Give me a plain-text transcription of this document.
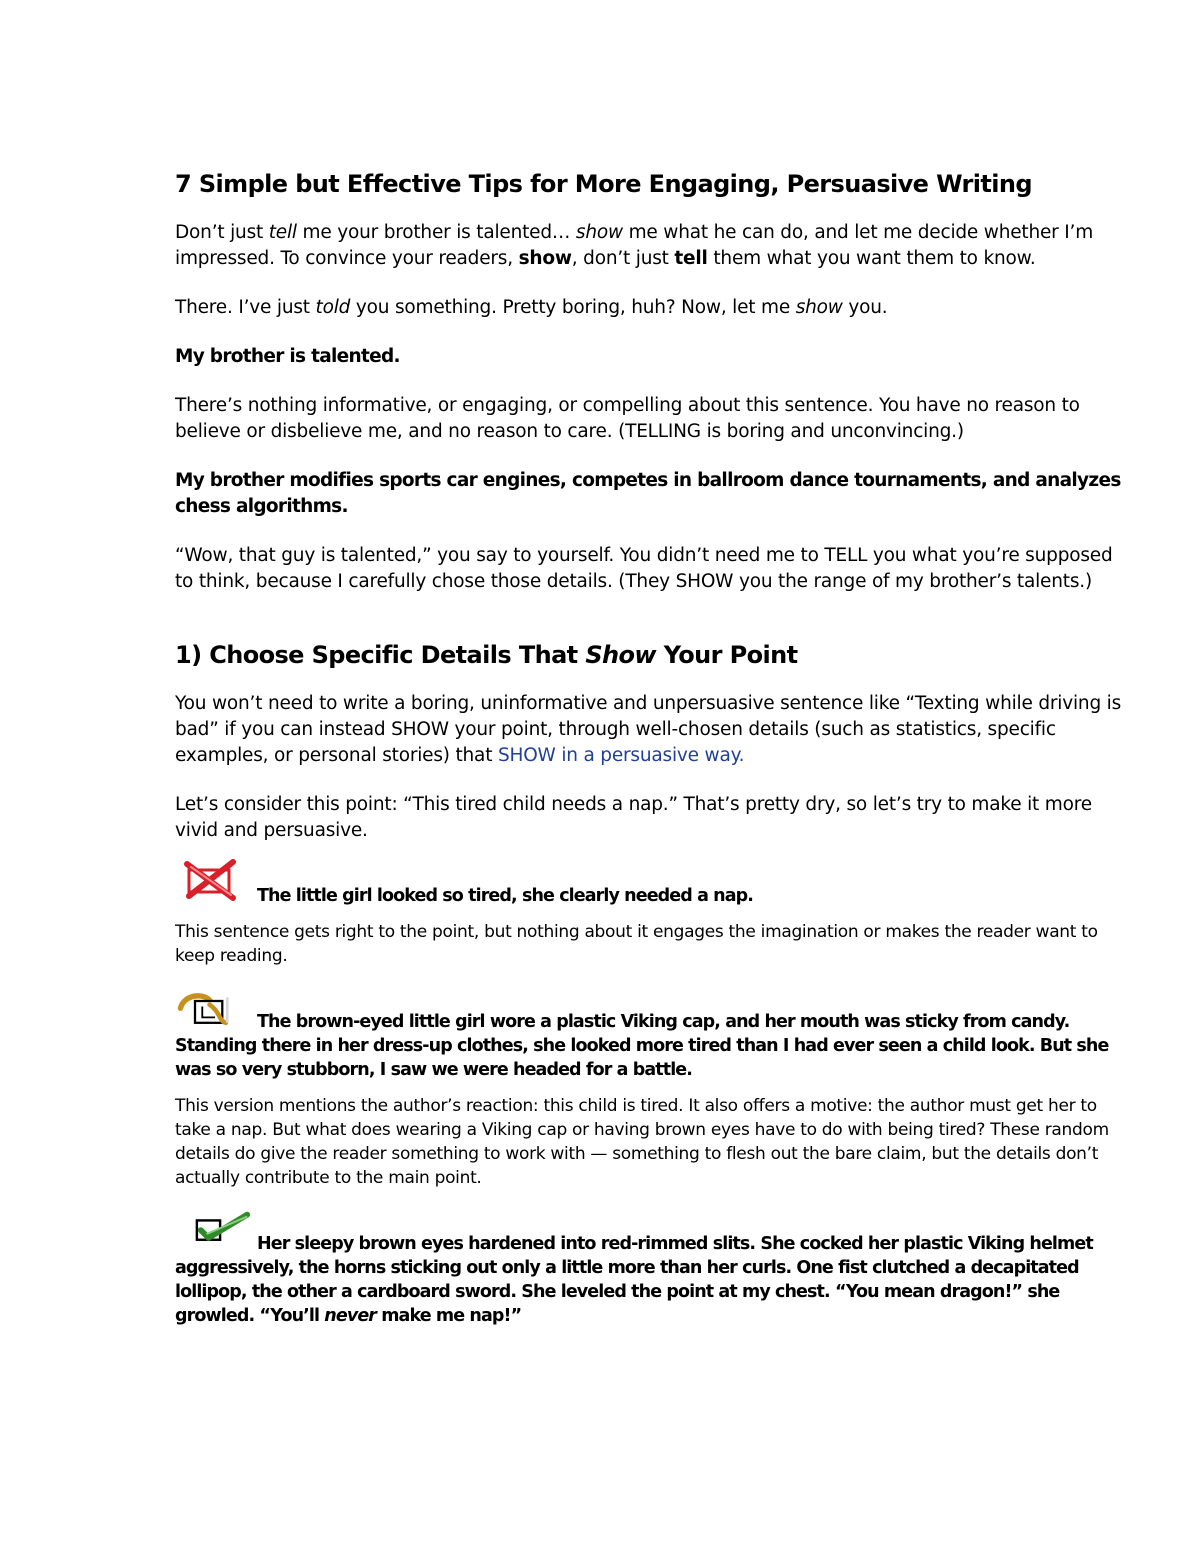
7 Simple but Effective Tips for More Engaging, Persuasive Writing

Don’t just tell me your brother is talented… show me what he can do, and let me decide whether I’m impressed. To convince your readers, show, don’t just tell them what you want them to know.

There. I’ve just told you something. Pretty boring, huh? Now, let me show you.

My brother is talented.

There’s nothing informative, or engaging, or compelling about this sentence. You have no reason to believe or disbelieve me, and no reason to care. (TELLING is boring and unconvincing.)

My brother modifies sports car engines, competes in ballroom dance tournaments, and analyzes chess algorithms.

“Wow, that guy is talented,” you say to yourself. You didn’t need me to TELL you what you’re supposed to think, because I carefully chose those details. (They SHOW you the range of my brother’s talents.)

1) Choose Specific Details That Show Your Point

You won’t need to write a boring, uninformative and unpersuasive sentence like “Texting while driving is bad” if you can instead SHOW your point, through well-chosen details (such as statistics, specific examples, or personal stories) that SHOW in a persuasive way.

Let’s consider this point: “This tired child needs a nap.” That’s pretty dry, so let’s try to make it more vivid and persuasive.

The little girl looked so tired, she clearly needed a nap.

This sentence gets right to the point, but nothing about it engages the imagination or makes the reader want to keep reading.

The brown-eyed little girl wore a plastic Viking cap, and her mouth was sticky from candy. Standing there in her dress-up clothes, she looked more tired than I had ever seen a child look. But she was so very stubborn, I saw we were headed for a battle.

This version mentions the author’s reaction: this child is tired. It also offers a motive: the author must get her to take a nap. But what does wearing a Viking cap or having brown eyes have to do with being tired? These random details do give the reader something to work with — something to flesh out the bare claim, but the details don’t actually contribute to the main point.

Her sleepy brown eyes hardened into red-rimmed slits. She cocked her plastic Viking helmet aggressively, the horns sticking out only a little more than her curls. One fist clutched a decapitated lollipop, the other a cardboard sword. She leveled the point at my chest. “You mean dragon!” she growled. “You’ll never make me nap!”
